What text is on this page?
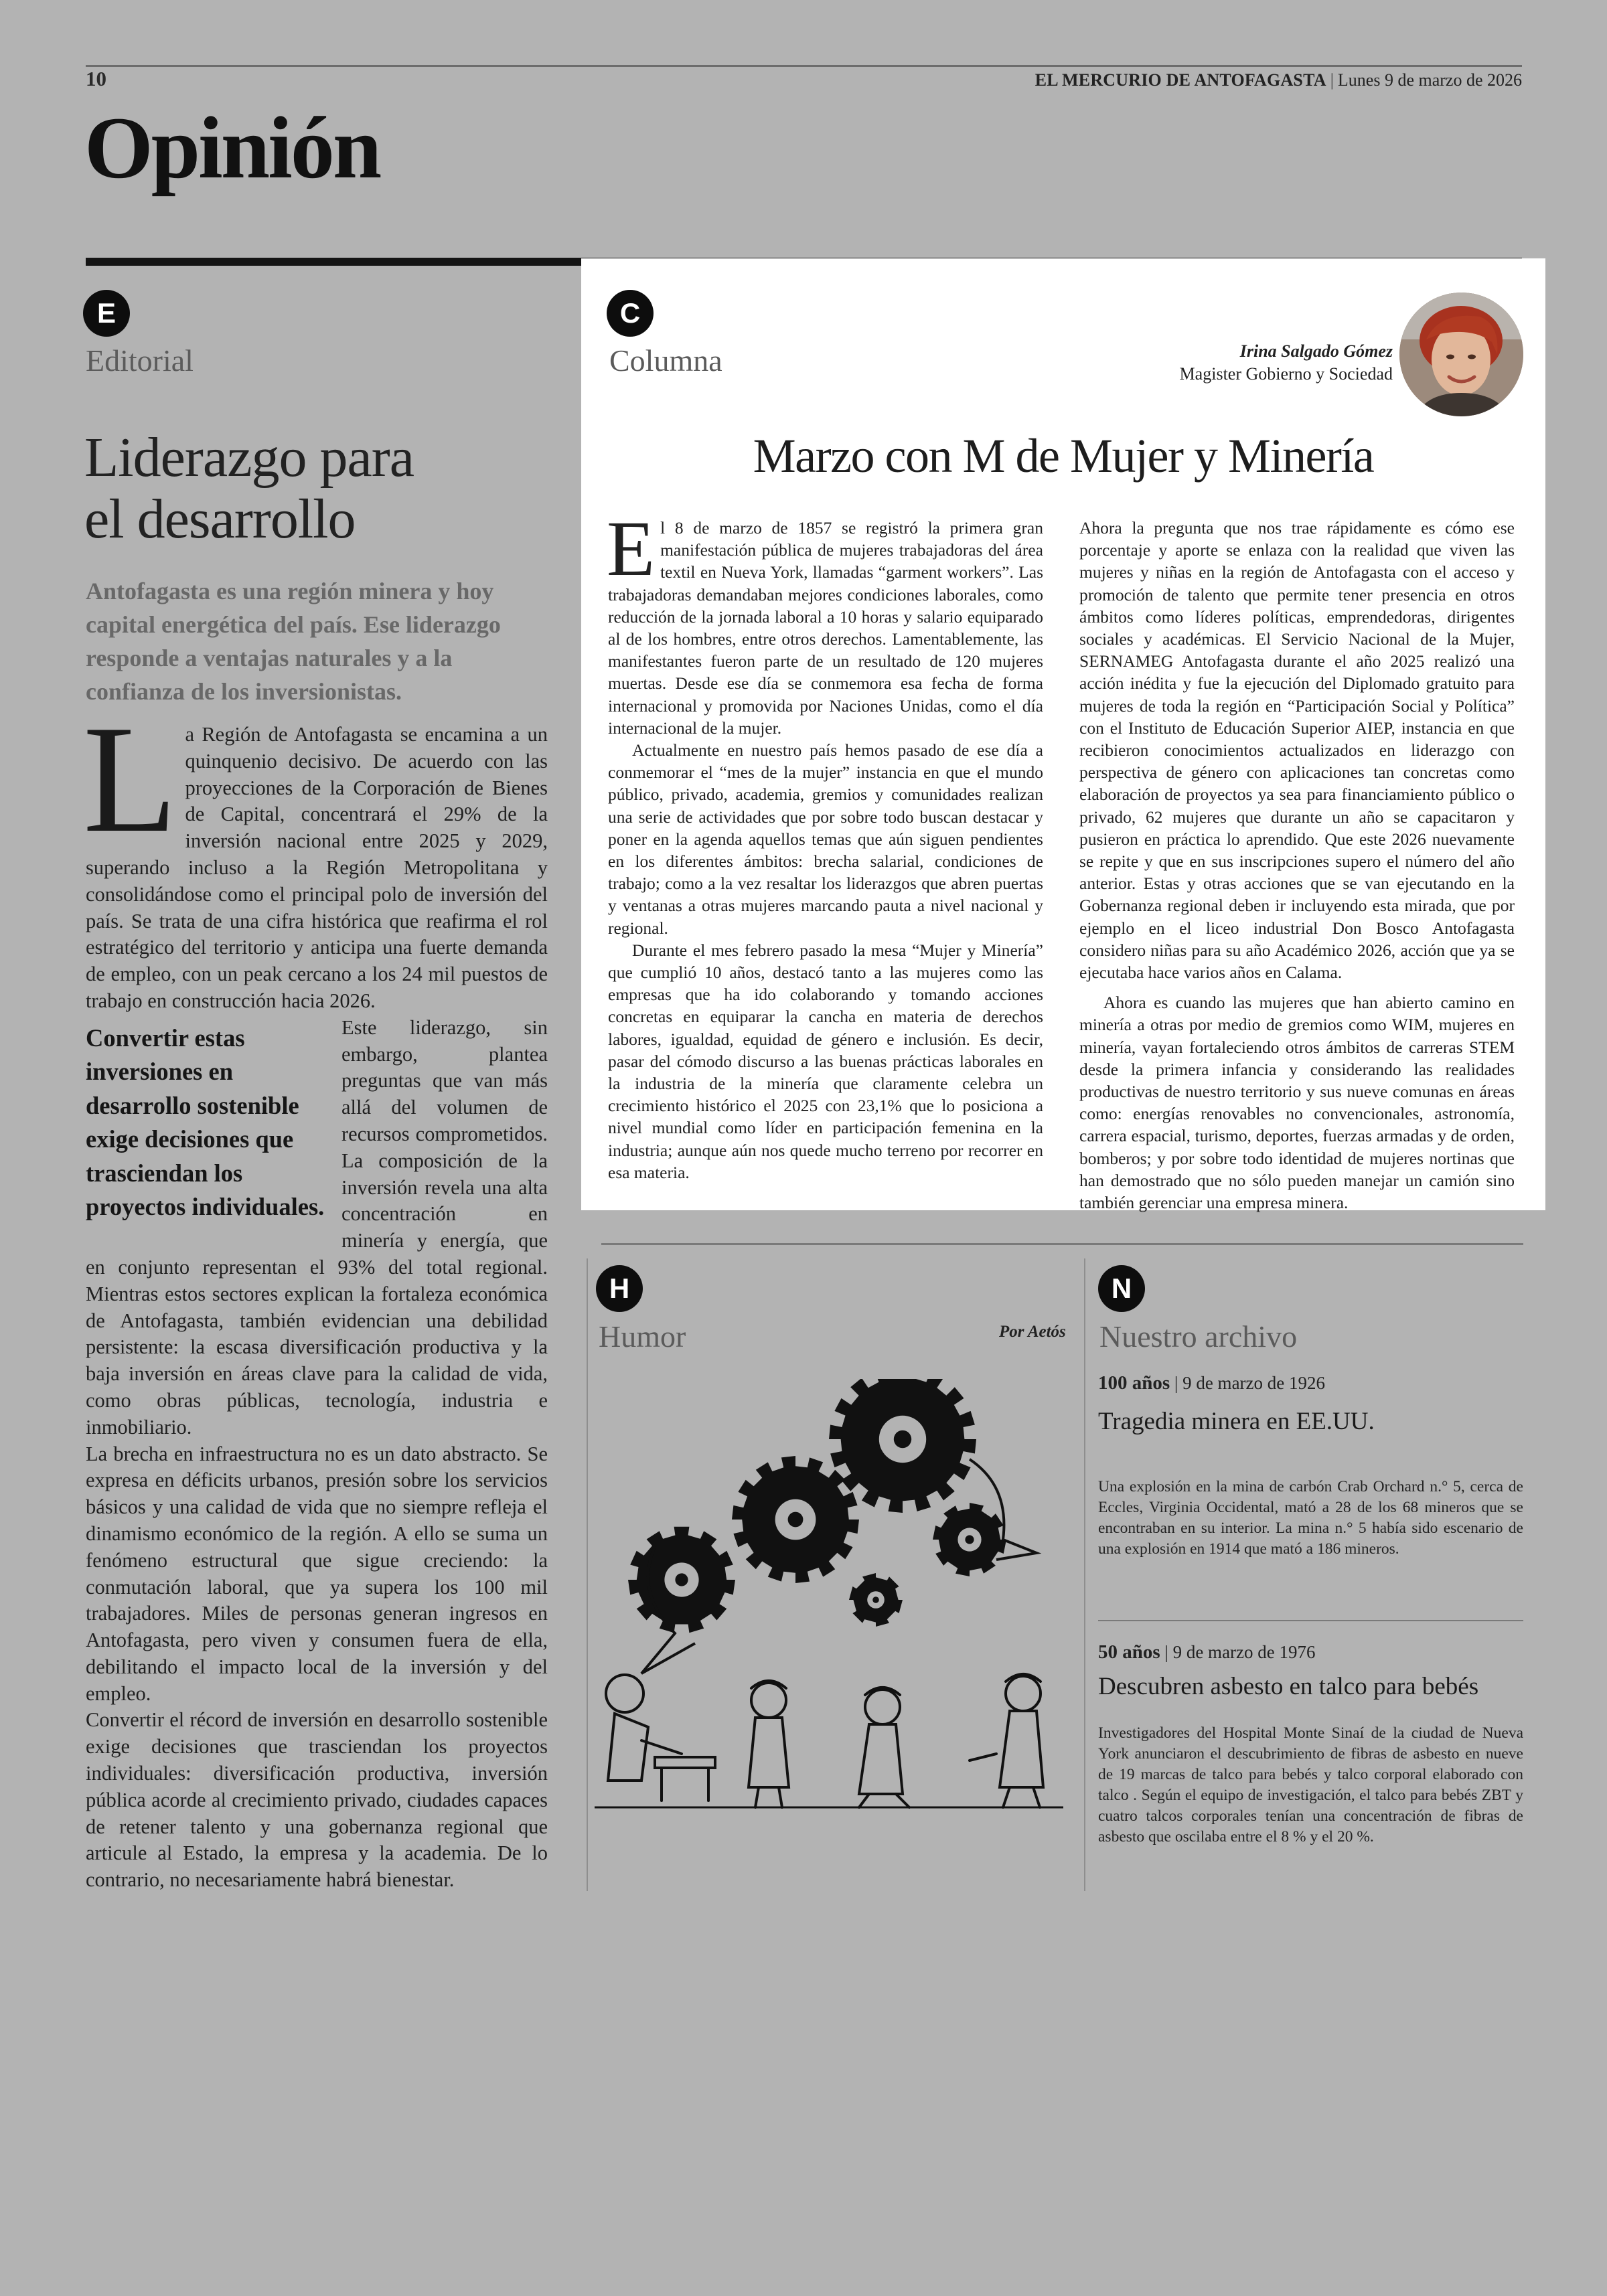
10	EL MERCURIO DE ANTOFAGASTA | Lunes 9 de marzo de 2026
Opinión
E
Editorial
Liderazgo para
el desarrollo
Antofagasta es una región minera y hoy capital energética del país. Ese liderazgo responde a ventajas naturales y a la confianza de los inversionistas.
L a Región de Antofagasta se encamina a un quinquenio decisivo. De acuerdo con las proyecciones de la Corporación de Bienes de Capital, concentrará el 29% de la inversión nacional entre 2025 y 2029, superando incluso a la Región Metropolitana y consolidándose como el principal polo de inversión del país. Se trata de una cifra histórica que reafirma el rol estratégico del territorio y anticipa una fuerte demanda de empleo, con un peak cercano a los 24 mil puestos de trabajo en construcción hacia 2026.

Convertir estas inversiones en desarrollo sostenible exige decisiones que trasciendan los proyectos individuales.
Este liderazgo, sin embargo, plantea preguntas que van más allá del volumen de recursos comprometidos. La composición de la inversión revela una alta concentración en minería y energía, que en conjunto representan el 93% del total regional. Mientras estos sectores explican la fortaleza económica de Antofagasta, también evidencian una debilidad persistente: la escasa diversificación productiva y la baja inversión en áreas clave para la calidad de vida, como obras públicas, tecnología, industria e inmobiliario.

La brecha en infraestructura no es un dato abstracto. Se expresa en déficits urbanos, presión sobre los servicios básicos y una calidad de vida que no siempre refleja el dinamismo económico de la región. A ello se suma un fenómeno estructural que sigue creciendo: la conmutación laboral, que ya supera los 100 mil trabajadores. Miles de personas generan ingresos en Antofagasta, pero viven y consumen fuera de ella, debilitando el impacto local de la inversión y del empleo.

Convertir el récord de inversión en desarrollo sostenible exige decisiones que trasciendan los proyectos individuales: diversificación productiva, inversión pública acorde al crecimiento privado, ciudades capaces de retener talento y una gobernanza regional que articule al Estado, la empresa y la academia. De lo contrario, no necesariamente habrá bienestar.

C
Columna	Irina Salgado Gómez
Magister Gobierno y Sociedad
Marzo con M de Mujer y Minería
E l 8 de marzo de 1857 se registró la primera gran manifestación pública de mujeres trabajadoras del área textil en Nueva York, llamadas “garment workers”. Las trabajadoras demandaban mejores condiciones laborales, como reducción de la jornada laboral a 10 horas y salario equiparado al de los hombres, entre otros derechos. Lamentablemente, las manifestantes fueron parte de un resultado de 120 mujeres muertas. Desde ese día se conmemora esa fecha de forma internacional y promovida por Naciones Unidas, como el día internacional de la mujer.

Actualmente en nuestro país hemos pasado de ese día a conmemorar el “mes de la mujer” instancia en que el mundo público, privado, academia, gremios y comunidades realizan una serie de actividades que por sobre todo buscan destacar y poner en la agenda aquellos temas que aún siguen pendientes en los diferentes ámbitos: brecha salarial, condiciones de trabajo; como a la vez resaltar los liderazgos que abren puertas y ventanas a otras mujeres marcando pauta a nivel nacional y regional.

Durante el mes febrero pasado la mesa “Mujer y Minería” que cumplió 10 años, destacó tanto a las mujeres como las empresas que ha ido colaborando y tomando acciones concretas en equiparar la cancha en materia de derechos labores, igualdad, equidad de género e inclusión. Es decir, pasar del cómodo discurso a las buenas prácticas laborales en la industria de la minería que claramente celebra un crecimiento histórico el 2025 con 23,1% que lo posiciona a nivel mundial como líder en participación femenina en la industria; aunque aún nos quede mucho terreno por recorrer en esa materia.

Ahora la pregunta que nos trae rápidamente es cómo ese porcentaje y aporte se enlaza con la realidad que viven las mujeres y niñas en la región de Antofagasta con el acceso y promoción de talento que permite tener presencia en otros ámbitos como líderes políticas, emprendedoras, dirigentes sociales y académicas. El Servicio Nacional de la Mujer, SERNAMEG Antofagasta durante el año 2025 realizó una acción inédita y fue la ejecución del Diplomado gratuito para mujeres de toda la región en “Participación Social y Política” con el Instituto de Educación Superior AIEP, instancia en que recibieron conocimientos actualizados en liderazgo con perspectiva de género con aplicaciones tan concretas como elaboración de proyectos ya sea para financiamiento público o privado, 62 mujeres que durante un año se capacitaron y pusieron en práctica lo aprendido. Que este 2026 nuevamente se repite y que en sus inscripciones supero el número del año anterior. Estas y otras acciones que se van ejecutando en la Gobernanza regional deben ir incluyendo esta mirada, que por ejemplo en el liceo industrial Don Bosco Antofagasta considero niñas para su año Académico 2026, acción que ya se ejecutaba hace varios años en Calama.

Ahora es cuando las mujeres que han abierto camino en minería a otras por medio de gremios como WIM, mujeres en minería, vayan fortaleciendo otros ámbitos de carreras STEM desde la primera infancia y considerando las realidades productivas de nuestro territorio y sus nueve comunas en áreas como: energías renovables no convencionales, astronomía, carrera espacial, turismo, deportes, fuerzas armadas y de orden, bomberos; y por sobre todo identidad de mujeres nortinas que han demostrado que no sólo pueden manejar un camión sino también gerenciar una empresa minera.

H
Humor	Por Aetós
N
Nuestro archivo
100 años | 9 de marzo de 1926
Tragedia minera en EE.UU.
Una explosión en la mina de carbón Crab Orchard n.° 5, cerca de Eccles, Virginia Occidental, mató a 28 de los 68 mineros que se encontraban en su interior. La mina n.° 5 había sido escenario de una explosión en 1914 que mató a 186 mineros.
50 años | 9 de marzo de 1976
Descubren asbesto en talco para bebés
Investigadores del Hospital Monte Sinaí de la ciudad de Nueva York anunciaron el descubrimiento de fibras de asbesto en nueve de 19 marcas de talco para bebés y talco corporal elaborado con talco . Según el equipo de investigación, el talco para bebés ZBT y cuatro talcos corporales tenían una concentración de fibras de asbesto que oscilaba entre el 8 % y el 20 %.
